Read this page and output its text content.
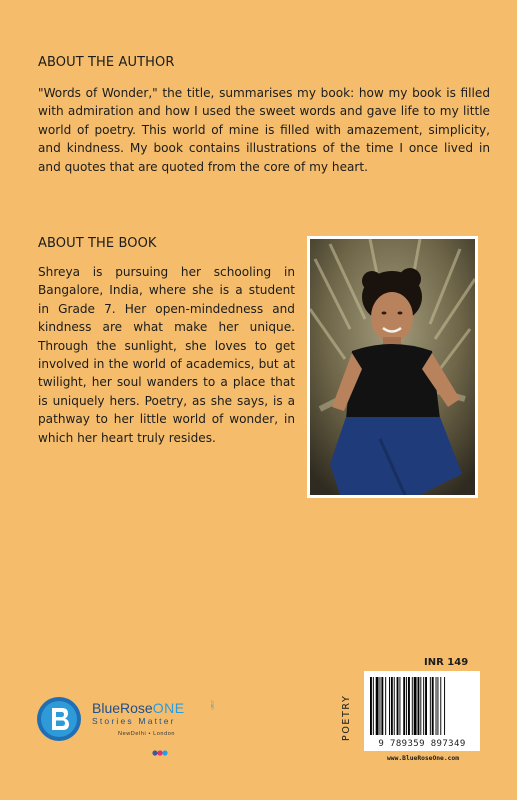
ABOUT THE AUTHOR
"Words of Wonder," the title, summarises my book: how my book is filled with admiration and how I used the sweet words and gave life to my little world of poetry. This world of mine is filled with amazement, simplicity, and kindness. My book contains illustrations of the time I once lived in and quotes that are quoted from the core of my heart.
ABOUT THE BOOK
Shreya is pursuing her schooling in Bangalore, India, where she is a student in Grade 7. Her open-mindedness and kindness are what make her unique. Through the sunlight, she loves to get involved in the world of academics, but at twilight, her soul wanders to a place that is uniquely hers. Poetry, as she says, is a pathway to her little world of wonder, in which her heart truly resides.
INR 149
POETRY
9 789359 897349
www.BlueRoseOne.com
BlueRoseONE	.com
Stories Matter
NewDelhi • London
